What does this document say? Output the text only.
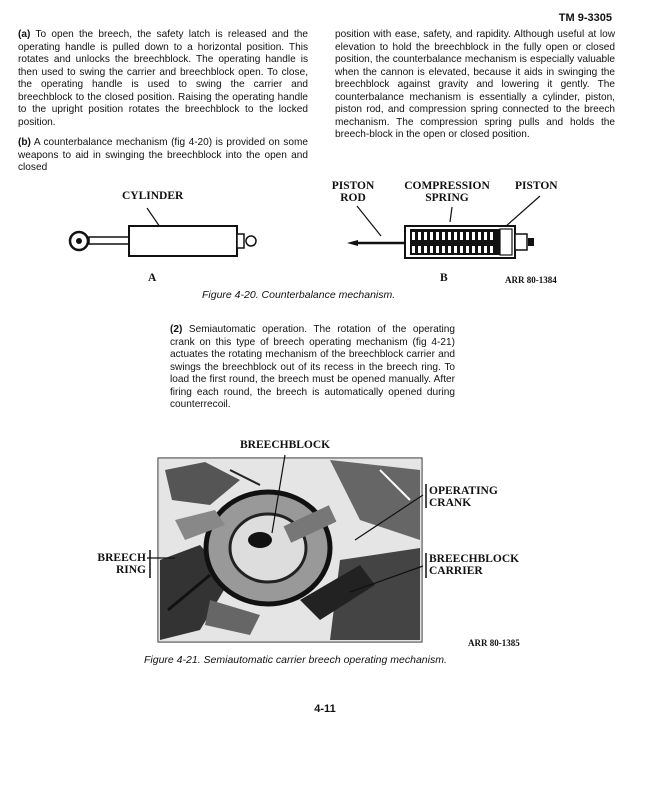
TM 9-3305

(a) To open the breech, the safety latch is released and the operating handle is pulled down to a horizontal position. This rotates and unlocks the breechblock. The operating handle is then used to swing the carrier and breechblock open. To close, the operating handle is used to swing the carrier and breechblock to the closed position. Raising the operating handle to the upright position rotates the breechblock to the locked position.

(b) A counterbalance mechanism (fig 4-20) is provided on some weapons to aid in swinging the breechblock into the open and closed

position with ease, safety, and rapidity. Although useful at low elevation to hold the breechblock in the fully open or closed position, the counterbalance mechanism is especially valuable when the cannon is elevated, because it aids in swinging the breechblock against gravity and lowering it gently. The counterbalance mechanism is essentially a cylinder, piston, piston rod, and compression spring connected to the breech mechanism. The compression spring pulls and holds the breech-block in the open or closed position.

CYLINDER
PISTON
ROD
COMPRESSION
SPRING
PISTON
A	B	ARR 80-1384
Figure 4-20. Counterbalance mechanism.
(2) Semiautomatic operation. The rotation of the operating crank on this type of breech operating mechanism (fig 4-21) actuates the rotating mechanism of the breechblock carrier and swings the breechblock out of its recess in the breech ring. To load the first round, the breech must be opened manually. After firing each round, the breech is automatically opened during counterrecoil.
BREECHBLOCK
OPERATING
CRANK
BREECH
RING
BREECHBLOCK
CARRIER
ARR 80-1385
Figure 4-21. Semiautomatic carrier breech operating mechanism.
4-11
